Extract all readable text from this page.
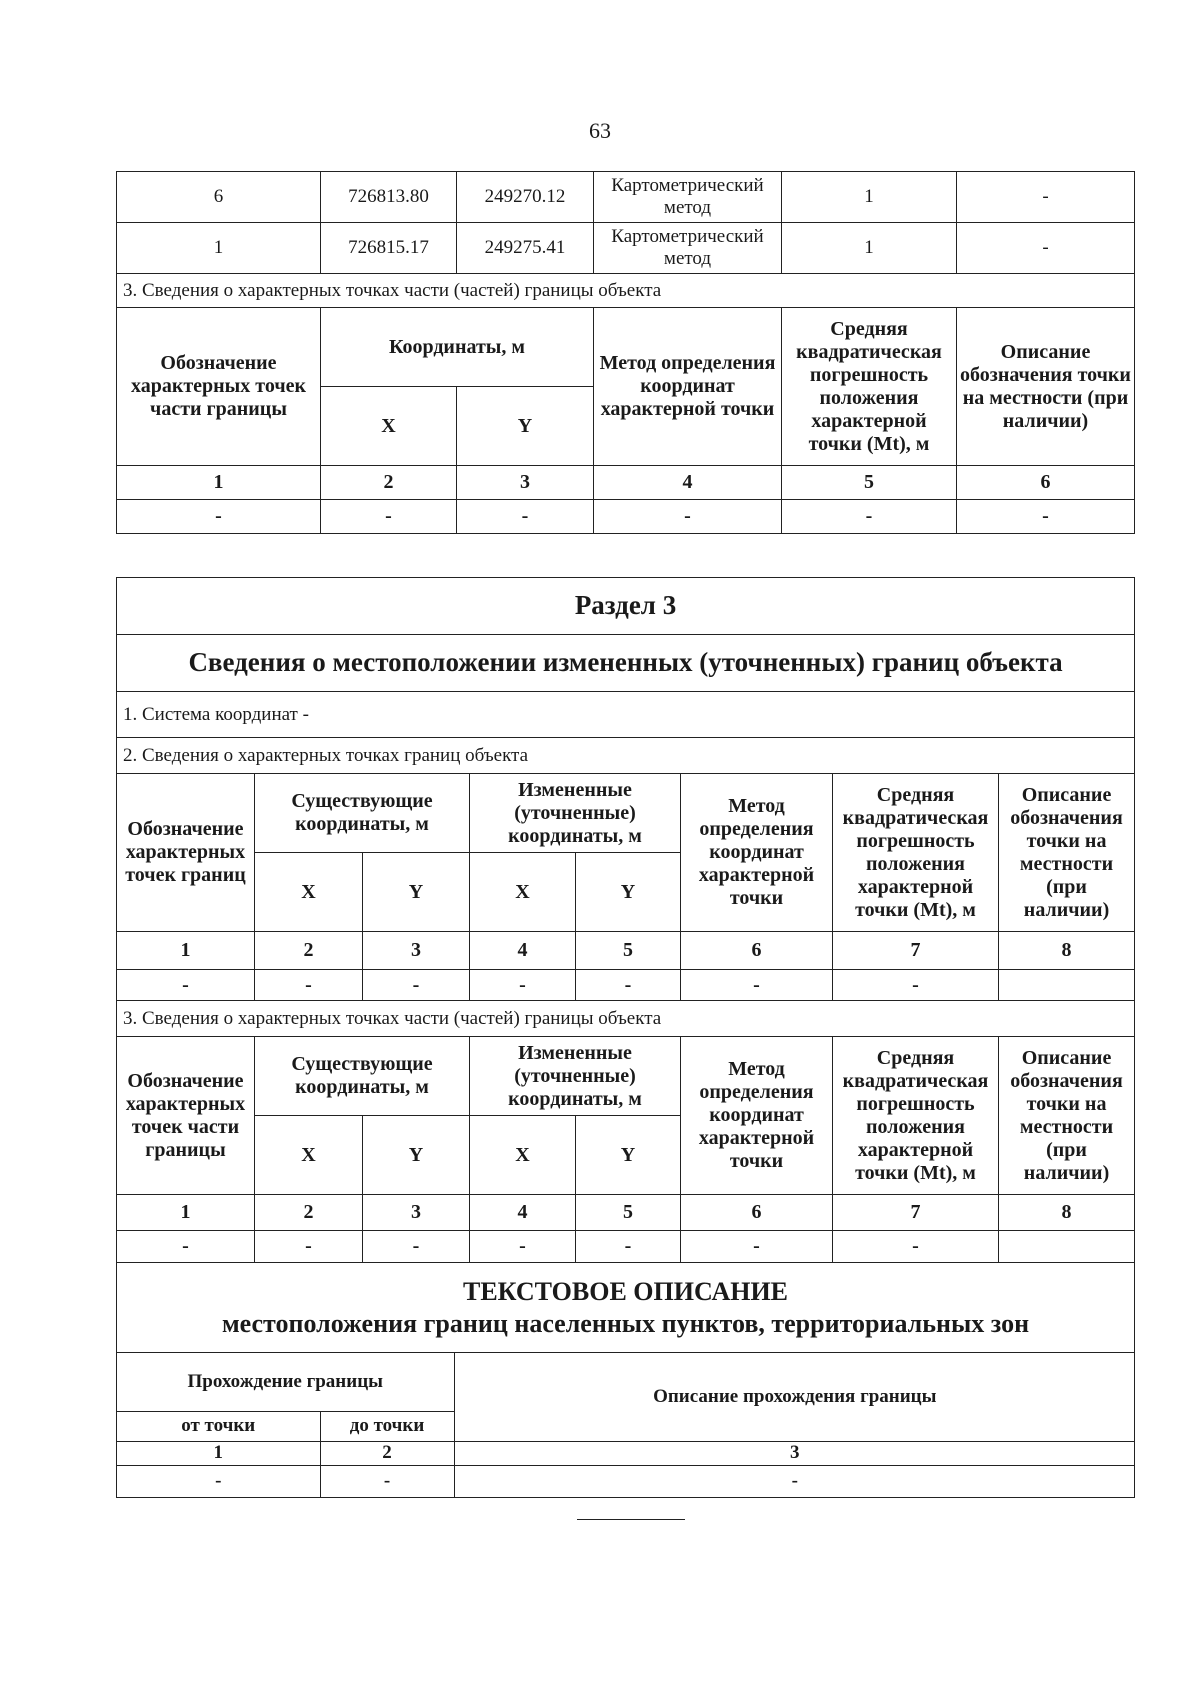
63
6	726813.80	249270.12	Картометрический метод	1	-
1	726815.17	249275.41	Картометрический метод	1	-
3. Сведения о характерных точках части (частей) границы объекта					
Обозначение характерных точек части границы	Координаты, м		Метод определения координат характерной точки	Средняя квадратическая погрешность положения характерной точки (Mt), м	Описание обозначения точки на местности (при наличии)
	X	Y			
1	2	3	4	5	6
-	-	-	-	-	-
Раздел 3
Сведения о местоположении измененных (уточненных) границ объекта
1. Система координат -
2. Сведения о характерных точках границ объекта
Обозначение характерных точек границ	Существующие координаты, м	Измененные (уточненные) координаты, м	Метод определения координат характерной точки	Средняя квадратическая погрешность положения характерной точки (Mt), м	Описание обозначения точки на местности (при наличии)
X	Y	X	Y
1	2	3	4	5	6	7	8
-	-	-	-	-	-	-	
3. Сведения о характерных точках части (частей) границы объекта
Обозначение характерных точек части границы	Существующие координаты, м	Измененные (уточненные) координаты, м	Метод определения координат характерной точки	Средняя квадратическая погрешность положения характерной точки (Mt), м	Описание обозначения точки на местности (при наличии)
X	Y	X	Y
1	2	3	4	5	6	7	8
-	-	-	-	-	-	-	

ТЕКСТОВОЕ ОПИСАНИЕ
местоположения границ населенных пунктов, территориальных зон

Прохождение границы	Описание прохождения границы
от точки	до точки
1	2	3
-	-	-
